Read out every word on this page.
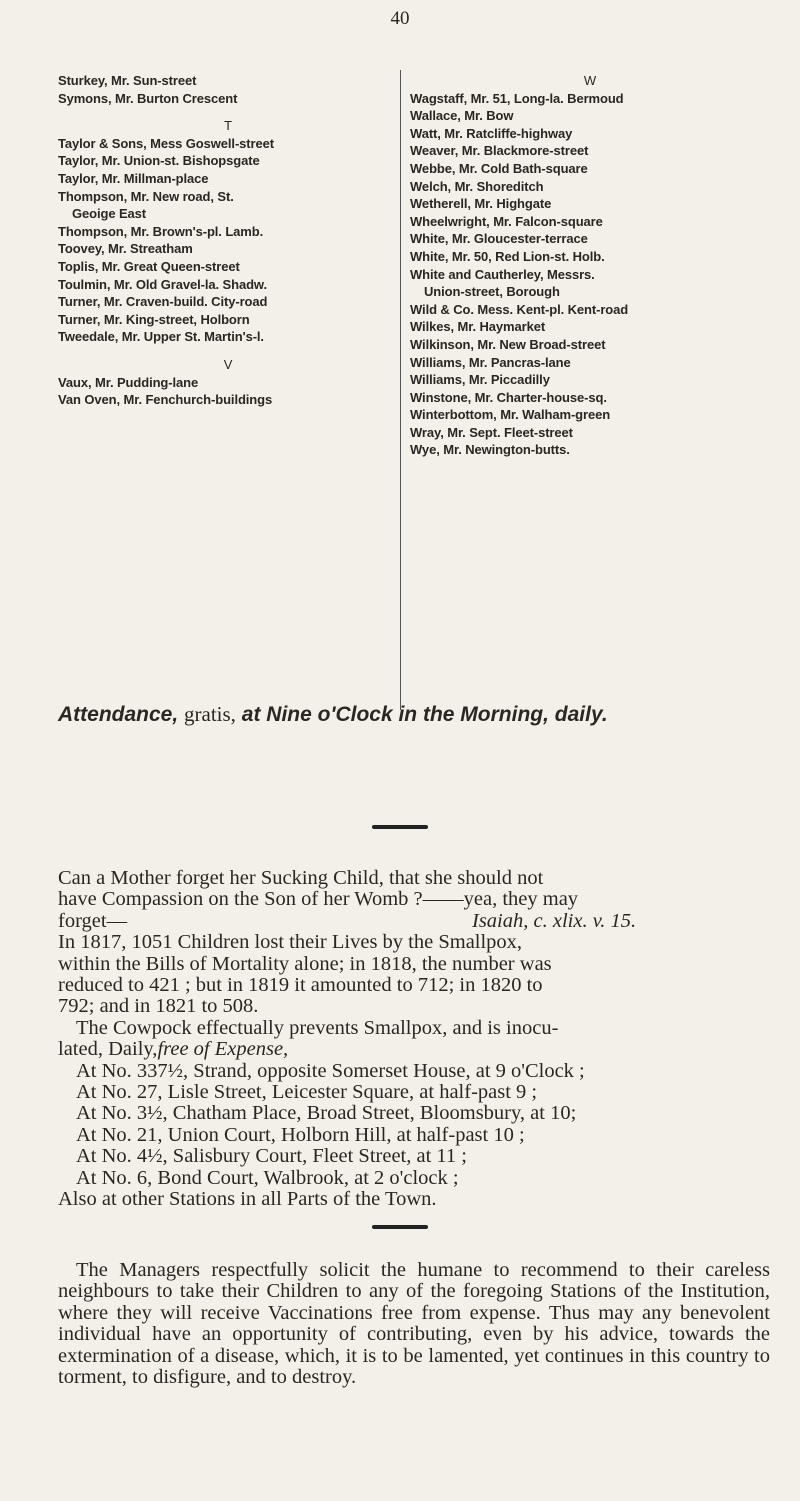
40
Sturkey, Mr. Sun-street
Symons, Mr. Burton Crescent
T
Taylor & Sons, Mess Goswell-street
Taylor, Mr. Union-st. Bishopsgate
Taylor, Mr. Millman-place
Thompson, Mr. New road, St.
Geoige East
Thompson, Mr. Brown's-pl. Lamb.
Toovey, Mr. Streatham
Toplis, Mr. Great Queen-street
Toulmin, Mr. Old Gravel-la. Shadw.
Turner, Mr. Craven-build. City-road
Turner, Mr. King-street, Holborn
Tweedale, Mr. Upper St. Martin's-l.
V
Vaux, Mr. Pudding-lane
Van Oven, Mr. Fenchurch-buildings
W
Wagstaff, Mr. 51, Long-la. Bermoud
Wallace, Mr. Bow
Watt, Mr. Ratcliffe-highway
Weaver, Mr. Blackmore-street
Webbe, Mr. Cold Bath-square
Welch, Mr. Shoreditch
Wetherell, Mr. Highgate
Wheelwright, Mr. Falcon-square
White, Mr. Gloucester-terrace
White, Mr. 50, Red Lion-st. Holb.
White and Cautherley, Messrs.
Union-street, Borough
Wild & Co. Mess. Kent-pl. Kent-road
Wilkes, Mr. Haymarket
Wilkinson, Mr. New Broad-street
Williams, Mr. Pancras-lane
Williams, Mr. Piccadilly
Winstone, Mr. Charter-house-sq.
Winterbottom, Mr. Walham-green
Wray, Mr. Sept. Fleet-street
Wye, Mr. Newington-butts.
Attendance, gratis, at Nine o'Clock in the Morning, daily.
Can a Mother forget her Sucking Child, that she should not
have Compassion on the Son of her Womb ?——yea, they may
forget—	Isaiah, c. xlix. v. 15.
In 1817, 1051 Children lost their Lives by the Smallpox,
within the Bills of Mortality alone; in 1818, the number was
reduced to 421 ; but in 1819 it amounted to 712; in 1820 to
792; and in 1821 to 508.
The Cowpock effectually prevents Smallpox, and is inocu-
lated, Daily,free of Expense,
At No. 337½, Strand, opposite Somerset House, at 9 o'Clock ;
At No. 27, Lisle Street, Leicester Square, at half-past 9 ;
At No. 3½, Chatham Place, Broad Street, Bloomsbury, at 10;
At No. 21, Union Court, Holborn Hill, at half-past 10 ;
At No. 4½, Salisbury Court, Fleet Street, at 11 ;
At No. 6, Bond Court, Walbrook, at 2 o'clock ;
Also at other Stations in all Parts of the Town.
The Managers respectfully solicit the humane to recommend to their careless neighbours to take their Children to any of the foregoing Stations of the Institution, where they will receive Vaccinations free from expense. Thus may any benevolent individual have an opportunity of contributing, even by his advice, towards the extermination of a disease, which, it is to be lamented, yet continues in this country to torment, to disfigure, and to destroy.
